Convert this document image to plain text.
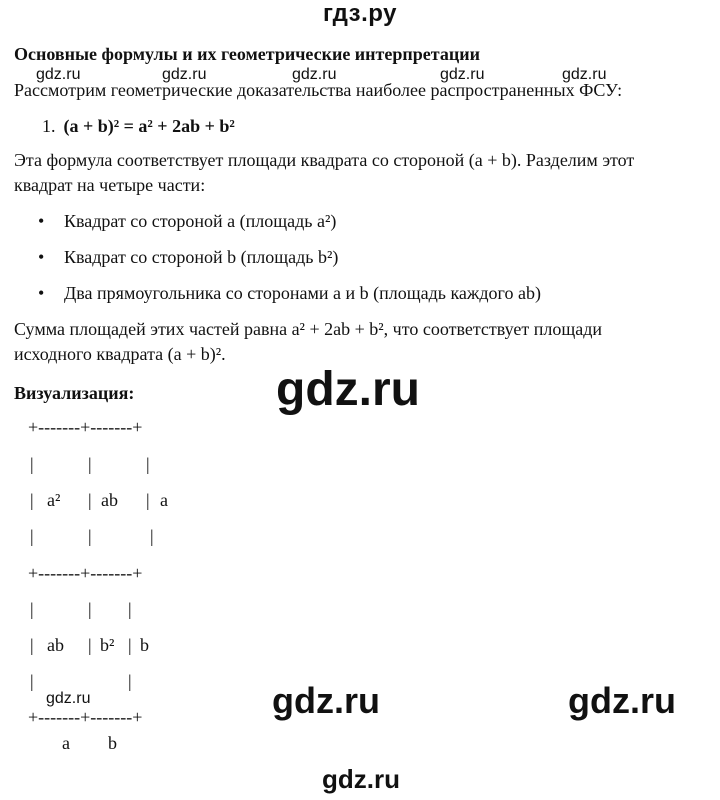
гдз.ру
Основные формулы и их геометрические интерпретации
gdz.ru	gdz.ru	gdz.ru	gdz.ru	gdz.ru
Рассмотрим геометрические доказательства наиболее распространенных ФСУ:
1. (a + b)² = a² + 2ab + b²
Эта формула соответствует площади квадрата со стороной (a + b). Разделим этот
квадрат на четыре части:
• Квадрат со стороной a (площадь a²)
• Квадрат со стороной b (площадь b²)
• Два прямоугольника со сторонами a и b (площадь каждого ab)
Сумма площадей этих частей равна a² + 2ab + b², что соответствует площади
исходного квадрата (a + b)².
Визуализация:	gdz.ru
+-------+-------+
|	|	|
| a² | ab | a
|	|	|
+-------+-------+
|	| |
| ab | b² | b
|	|
gdz.ru
+-------+-------+
a b
gdz.ru	gdz.ru
gdz.ru
